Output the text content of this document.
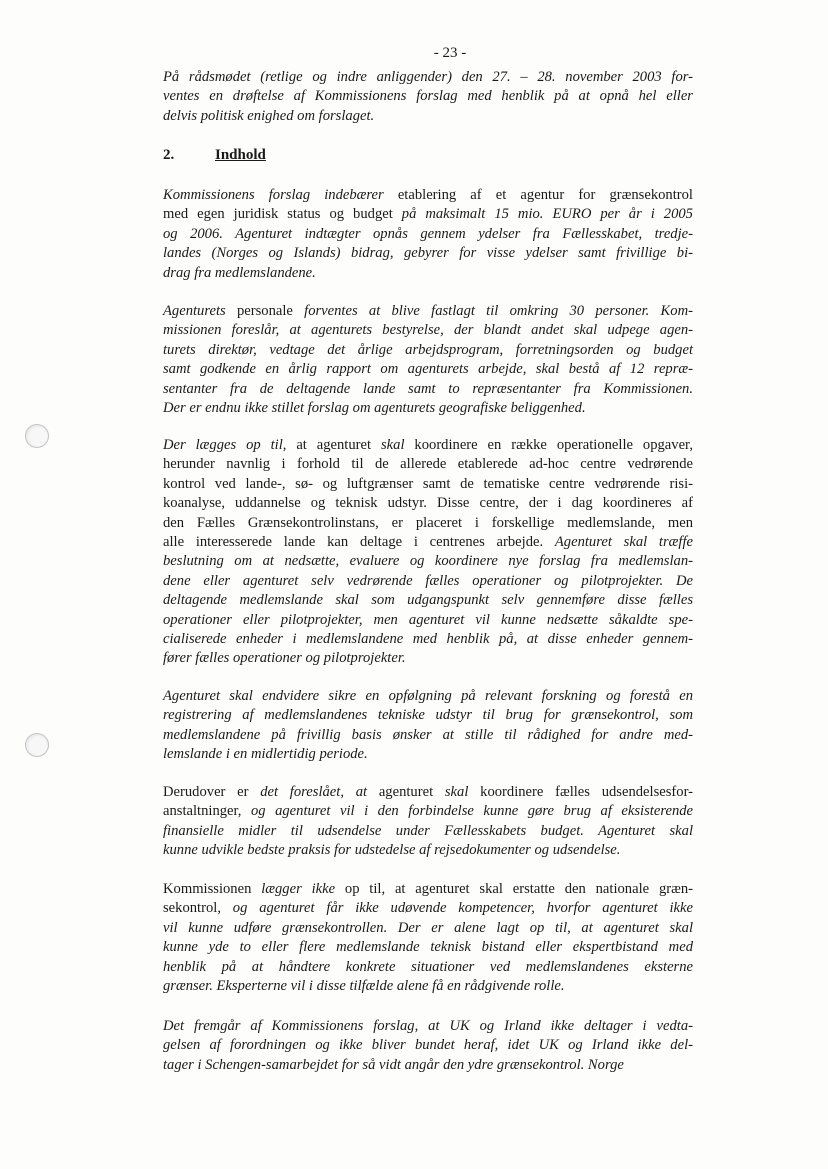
- 23 -
2.	Indhold
På rådsmødet (retlige og indre anliggender) den 27. – 28. november 2003 for-
ventes en drøftelse af Kommissionens forslag med henblik på at opnå hel eller
delvis politisk enighed om forslaget.
Kommissionens forslag indebærer etablering af et agentur for grænsekontrol
med egen juridisk status og budget på maksimalt 15 mio. EURO per år i 2005
og 2006. Agenturet indtægter opnås gennem ydelser fra Fællesskabet, tredje-
landes (Norges og Islands) bidrag, gebyrer for visse ydelser samt frivillige bi-
drag fra medlemslandene.
Agenturets personale forventes at blive fastlagt til omkring 30 personer. Kom-
missionen foreslår, at agenturets bestyrelse, der blandt andet skal udpege agen-
turets direktør, vedtage det årlige arbejdsprogram, forretningsorden og budget
samt godkende en årlig rapport om agenturets arbejde, skal bestå af 12 repræ-
sentanter fra de deltagende lande samt to repræsentanter fra Kommissionen.
Der er endnu ikke stillet forslag om agenturets geografiske beliggenhed.
Der lægges op til, at agenturet skal koordinere en række operationelle opgaver,
herunder navnlig i forhold til de allerede etablerede ad-hoc centre vedrørende
kontrol ved lande-, sø- og luftgrænser samt de tematiske centre vedrørende risi-
koanalyse, uddannelse og teknisk udstyr. Disse centre, der i dag koordineres af
den Fælles Grænsekontrolinstans, er placeret i forskellige medlemslande, men
alle interesserede lande kan deltage i centrenes arbejde. Agenturet skal træffe
beslutning om at nedsætte, evaluere og koordinere nye forslag fra medlemslan-
dene eller agenturet selv vedrørende fælles operationer og pilotprojekter. De
deltagende medlemslande skal som udgangspunkt selv gennemføre disse fælles
operationer eller pilotprojekter, men agenturet vil kunne nedsætte såkaldte spe-
cialiserede enheder i medlemslandene med henblik på, at disse enheder gennem-
fører fælles operationer og pilotprojekter.
Agenturet skal endvidere sikre en opfølgning på relevant forskning og forestå en
registrering af medlemslandenes tekniske udstyr til brug for grænsekontrol, som
medlemslandene på frivillig basis ønsker at stille til rådighed for andre med-
lemslande i en midlertidig periode.
Derudover er det foreslået, at agenturet skal koordinere fælles udsendelsesfor-
anstaltninger, og agenturet vil i den forbindelse kunne gøre brug af eksisterende
finansielle midler til udsendelse under Fællesskabets budget. Agenturet skal
kunne udvikle bedste praksis for udstedelse af rejsedokumenter og udsendelse.
Kommissionen lægger ikke op til, at agenturet skal erstatte den nationale græn-
sekontrol, og agenturet får ikke udøvende kompetencer, hvorfor agenturet ikke
vil kunne udføre grænsekontrollen. Der er alene lagt op til, at agenturet skal
kunne yde to eller flere medlemslande teknisk bistand eller ekspertbistand med
henblik på at håndtere konkrete situationer ved medlemslandenes eksterne
grænser. Eksperterne vil i disse tilfælde alene få en rådgivende rolle.
Det fremgår af Kommissionens forslag, at UK og Irland ikke deltager i vedta-
gelsen af forordningen og ikke bliver bundet heraf, idet UK og Irland ikke del-
tager i Schengen-samarbejdet for så vidt angår den ydre grænsekontrol. Norge
